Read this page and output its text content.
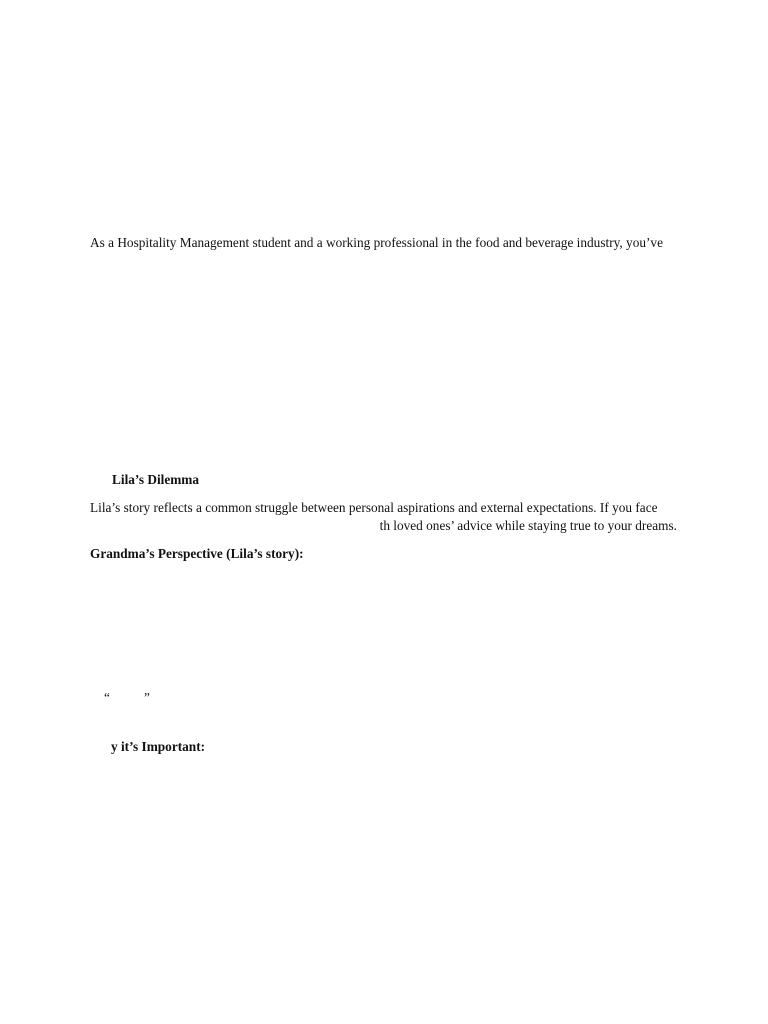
As a Hospitality Management student and a working professional in the food and beverage industry, you’ve
Lila’s Dilemma
Lila’s story reflects a common struggle between personal aspirations and external expectations. If you face
th loved ones’ advice while staying true to your dreams.
Grandma’s Perspective (Lila’s story):
“	”
y it’s Important:
